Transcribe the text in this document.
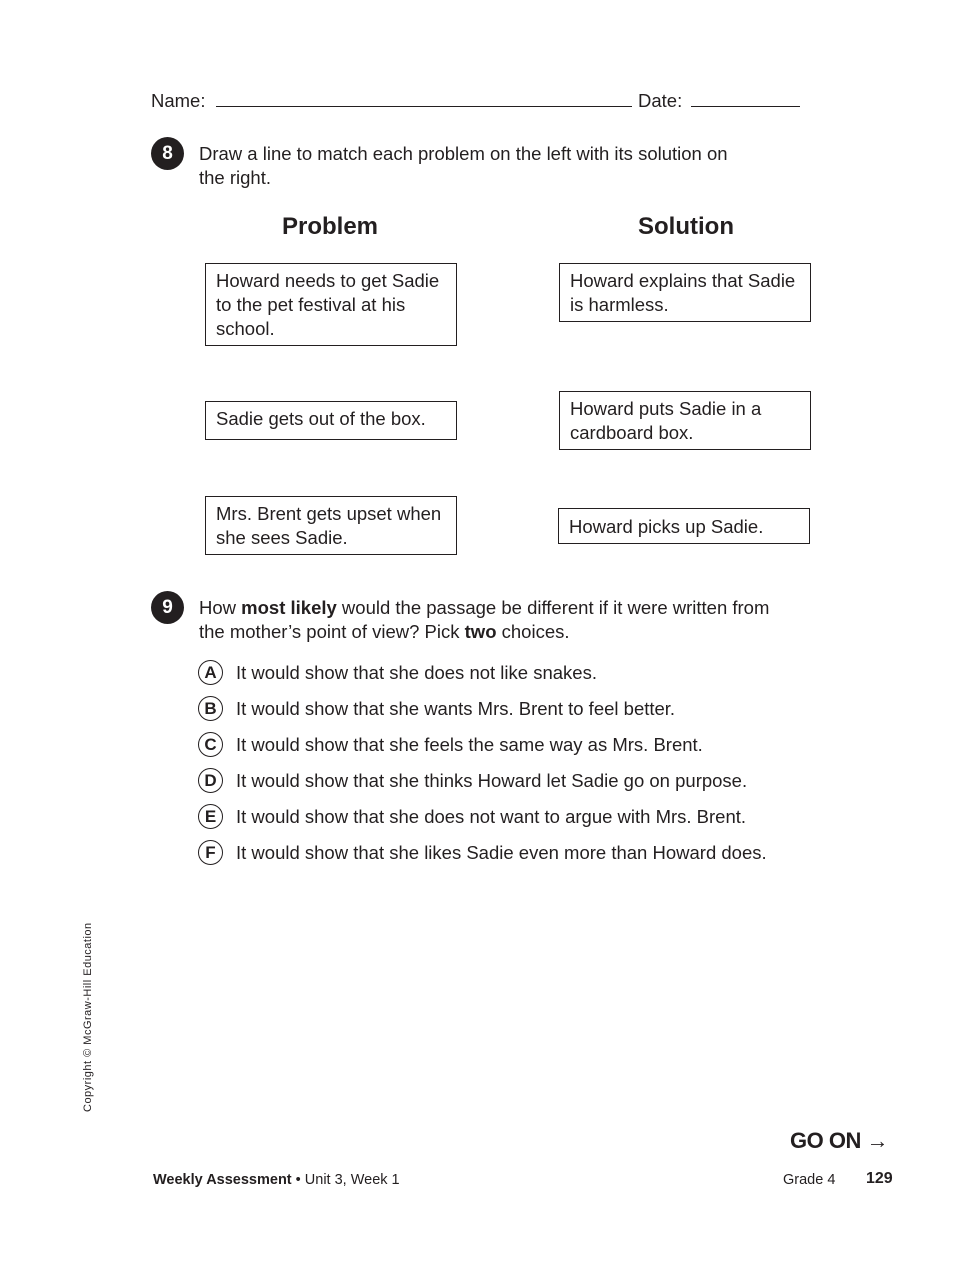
Name:	Date:
8	Draw a line to match each problem on the left with its solution on
the right.
Problem	Solution
Howard needs to get Sadie to the pet festival at his school.
Sadie gets out of the box.
Mrs. Brent gets upset when she sees Sadie.
Howard explains that Sadie is harmless.
Howard puts Sadie in a cardboard box.
Howard picks up Sadie.
9	How most likely would the passage be different if it were written from
the mother’s point of view? Pick two choices.
A	It would show that she does not like snakes.
B	It would show that she wants Mrs. Brent to feel better.
C	It would show that she feels the same way as Mrs. Brent.
D	It would show that she thinks Howard let Sadie go on purpose.
E	It would show that she does not want to argue with Mrs. Brent.
F	It would show that she likes Sadie even more than Howard does.
Copyright © McGraw-Hill Education
GO ON →
Weekly Assessment • Unit 3, Week 1	Grade 4 129
